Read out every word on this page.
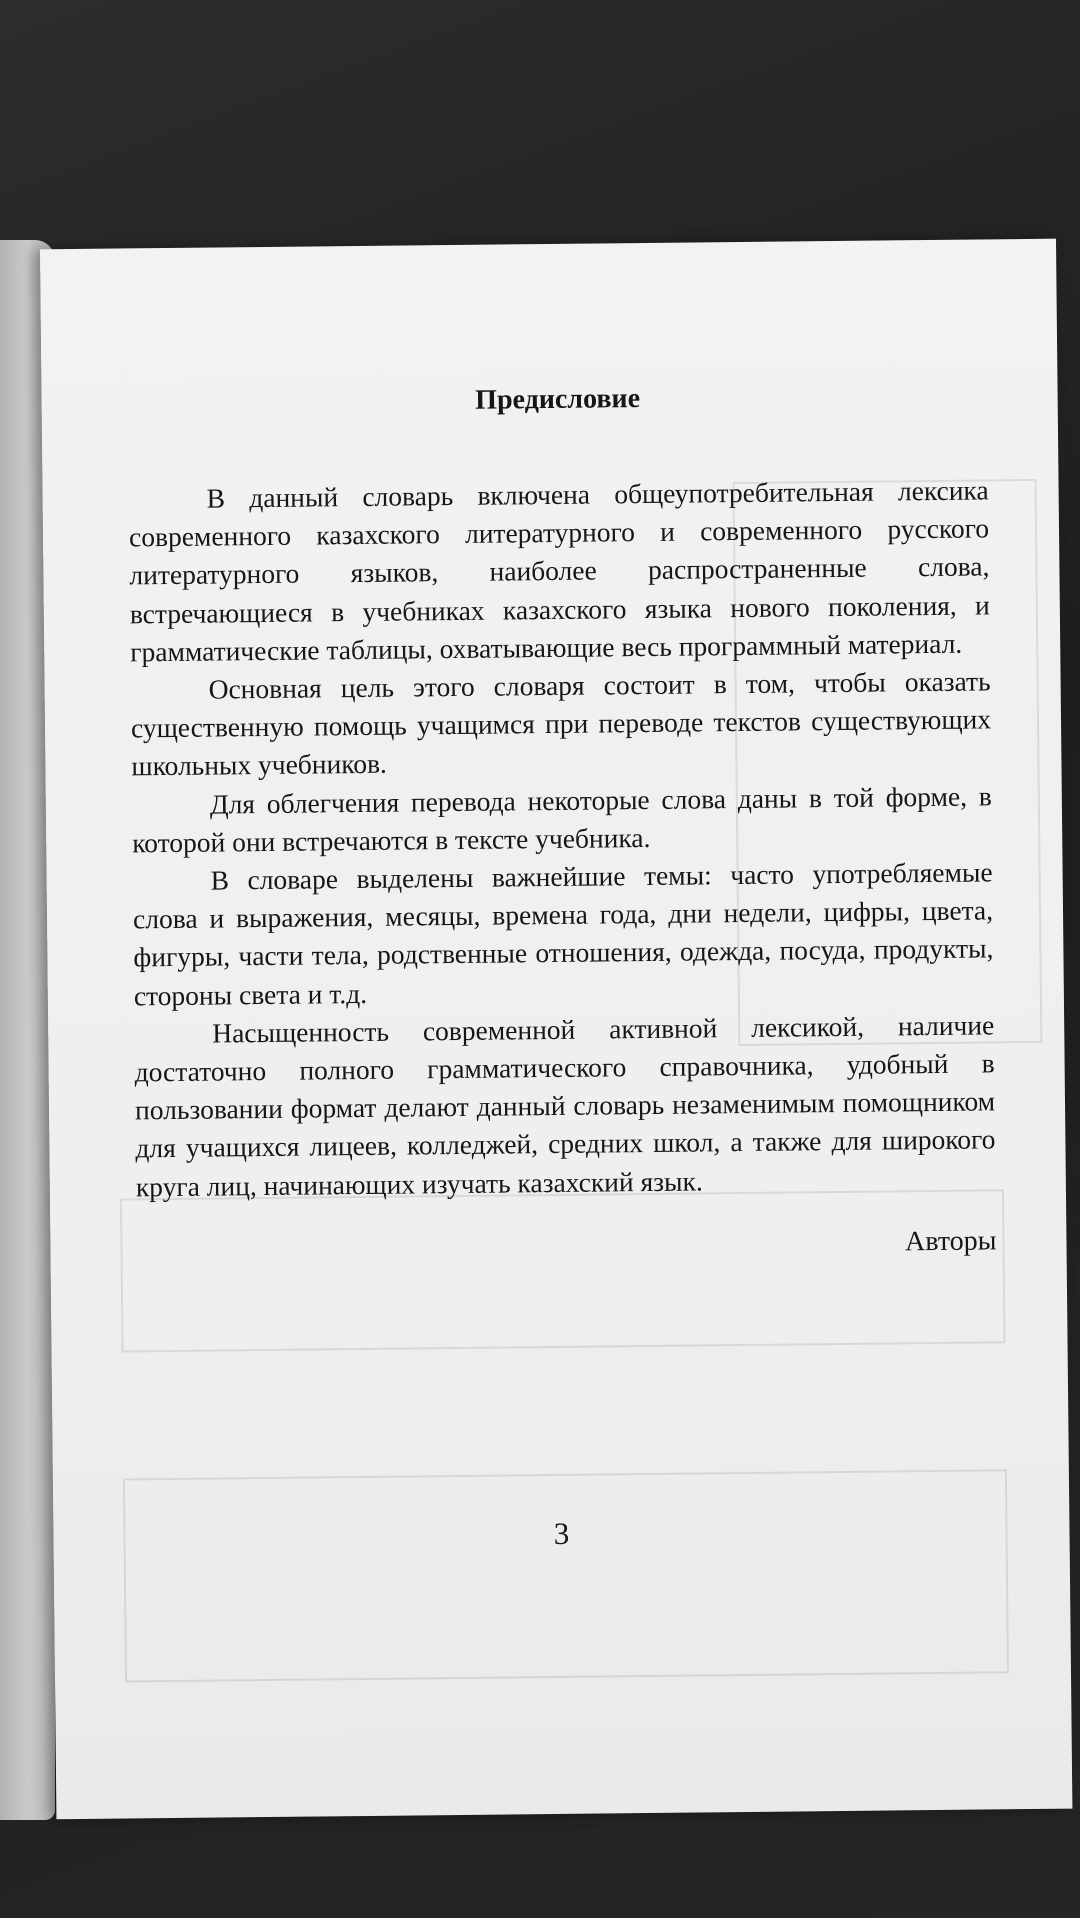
Предисловие

В данный словарь включена общеупотребительная лексика современного казахского литературного и современного русского литературного языков, наиболее распространенные слова, встречающиеся в учебниках казахского языка нового поколения, и грамматические таблицы, охватывающие весь программный материал.

Основная цель этого словаря состоит в том, чтобы оказать существенную помощь учащимся при переводе текстов существующих школьных учебников.

Для облегчения перевода некоторые слова даны в той форме, в которой они встречаются в тексте учебника.

В словаре выделены важнейшие темы: часто употребляемые слова и выражения, месяцы, времена года, дни недели, цифры, цвета, фигуры, части тела, родственные отношения, одежда, посуда, продукты, стороны света и т.д.

Насыщенность современной активной лексикой, наличие достаточно полного грамматического справочника, удобный в пользовании формат делают данный словарь незаменимым помощником для учащихся лицеев, колледжей, средних школ, а также для широкого круга лиц, начинающих изучать казахский язык.

Авторы
3
